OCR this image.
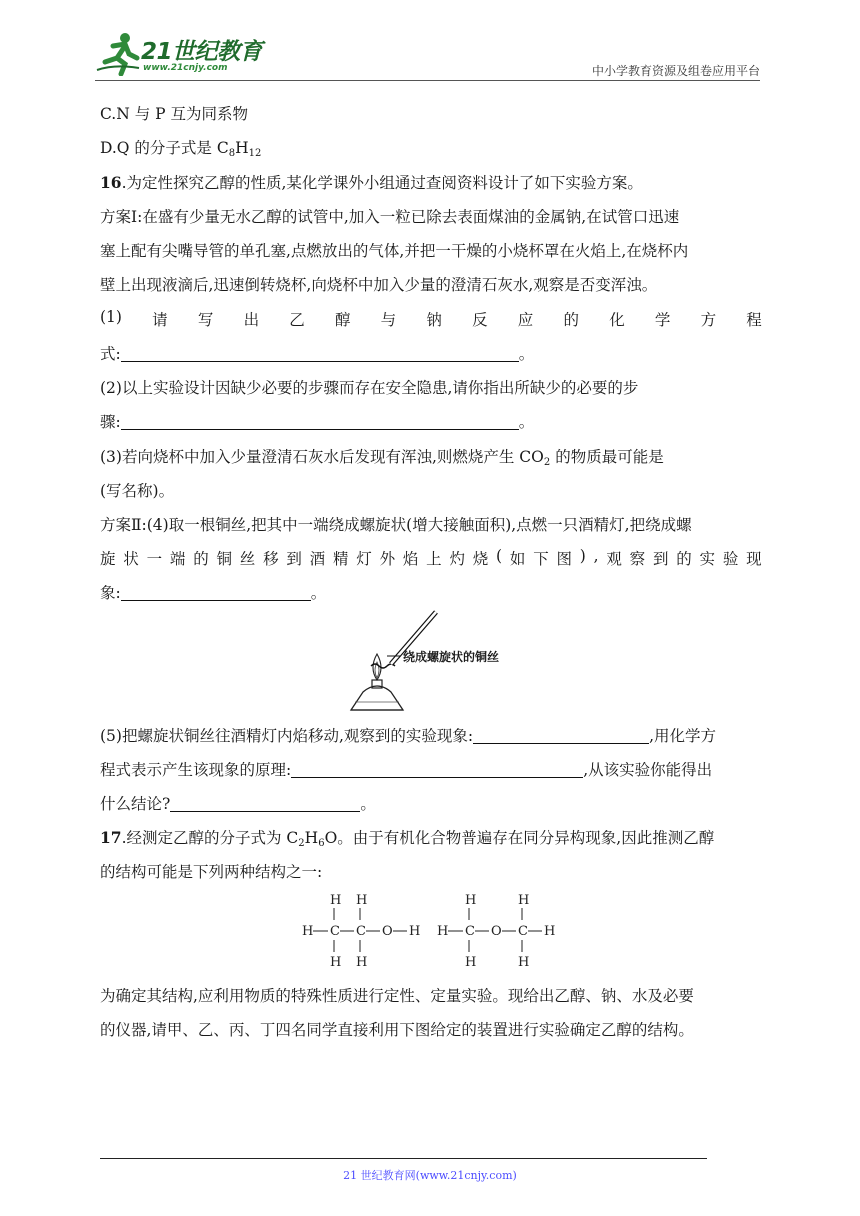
21世纪教育
www.21cnjy.com	中小学教育资源及组卷应用平台
C.N 与 P 互为同系物
D.Q 的分子式是 $C_8H_{12}$
16.为定性探究乙醇的性质,某化学课外小组通过查阅资料设计了如下实验方案。
方案Ⅰ:在盛有少量无水乙醇的试管中,加入一粒已除去表面煤油的金属钠,在试管口迅速
塞上配有尖嘴导管的单孔塞,点燃放出的气体,并把一干燥的小烧杯罩在火焰上,在烧杯内
壁上出现液滴后,迅速倒转烧杯,向烧杯中加入少量的澄清石灰水,观察是否变浑浊。
(1) 请 写 出 乙 醇 与 钠 反 应 的 化 学 方 程
式:	。
(2)以上实验设计因缺少必要的步骤而存在安全隐患,请你指出所缺少的必要的步
骤:	。
(3)若向烧杯中加入少量澄清石灰水后发现有浑浊,则燃烧产生 $CO_2$ 的物质最可能是
(写名称)。
方案Ⅱ:(4)取一根铜丝,把其中一端绕成螺旋状(增大接触面积),点燃一只酒精灯,把绕成螺
旋 状 一 端 的 铜 丝 移 到 酒 精 灯 外 焰 上 灼 烧 ( 如 下 图 ) , 观 察 到 的 实 验 现
象:	。
(5)把螺旋状铜丝往酒精灯内焰移动,观察到的实验现象:	,用化学方
程式表示产生该现象的原理:	,从该实验你能得出
什么结论?	。
17.经测定乙醇的分子式为 $C_2H_6O$。由于有机化合物普遍存在同分异构现象,因此推测乙醇
的结构可能是下列两种结构之一:
为确定其结构,应利用物质的特殊性质进行定性、定量实验。现给出乙醇、钠、水及必要
的仪器,请甲、乙、丙、丁四名同学直接利用下图给定的装置进行实验确定乙醇的结构。
绕成螺旋状的铜丝
H H
H C C O H
H H
H	H
H C O C H
H	H
21 世纪教育网(www.21cnjy.com)
